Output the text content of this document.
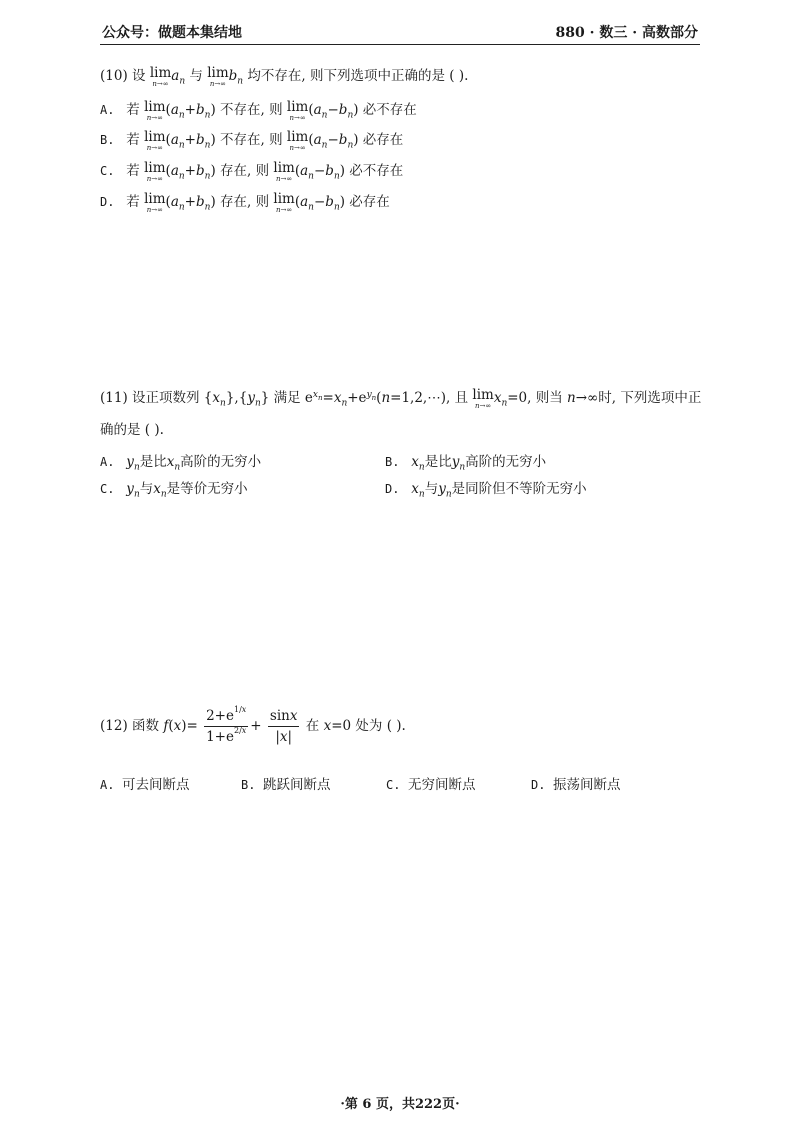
公众号：做题本集结地	880 · 数三 · 高数部分
(10) 设 lim
n→∞ $a_n$ 与 lim
n→∞ $b_n$ 均不存在, 则下列选项中正确的是 ( ).
A. 若 lim
n→∞ $(a_n+b_n)$ 不存在, 则 lim
n→∞ $(a_n-b_n)$ 必不存在
B. 若 lim
n→∞ $(a_n+b_n)$ 不存在, 则 lim
n→∞ $(a_n-b_n)$ 必存在
C. 若 lim
n→∞ $(a_n+b_n)$ 存在, 则 lim
n→∞ $(a_n-b_n)$ 必不存在
D. 若 lim
n→∞ $(a_n+b_n)$ 存在, 则 lim
n→∞ $(a_n-b_n)$ 必存在
(11) 设正项数列 $\{x_n\},\{y_n\}$ 满足 $e^{x_n}=x_n+e^{y_n}(n=1,2,\cdots)$, 且 lim
n→∞ $x_n=0$, 则当 n→∞时, 下列选项中正
确的是 ( ).
A. $y_n$是比$x_n$高阶的无穷小	B. $x_n$是比$y_n$高阶的无穷小
C. $y_n$与$x_n$是等价无穷小	D. $x_n$与$y_n$是同阶但不等阶无穷小
(12) 函数 $f(x)= \frac{2+e^{1/x}}{1+e^{2/x}} + \frac{\sin x}{|x|}$ 在 x=0 处为 ( ).
A. 可去间断点	B. 跳跃间断点	C. 无穷间断点	D. 振荡间断点
·第 6 页，共222页·
